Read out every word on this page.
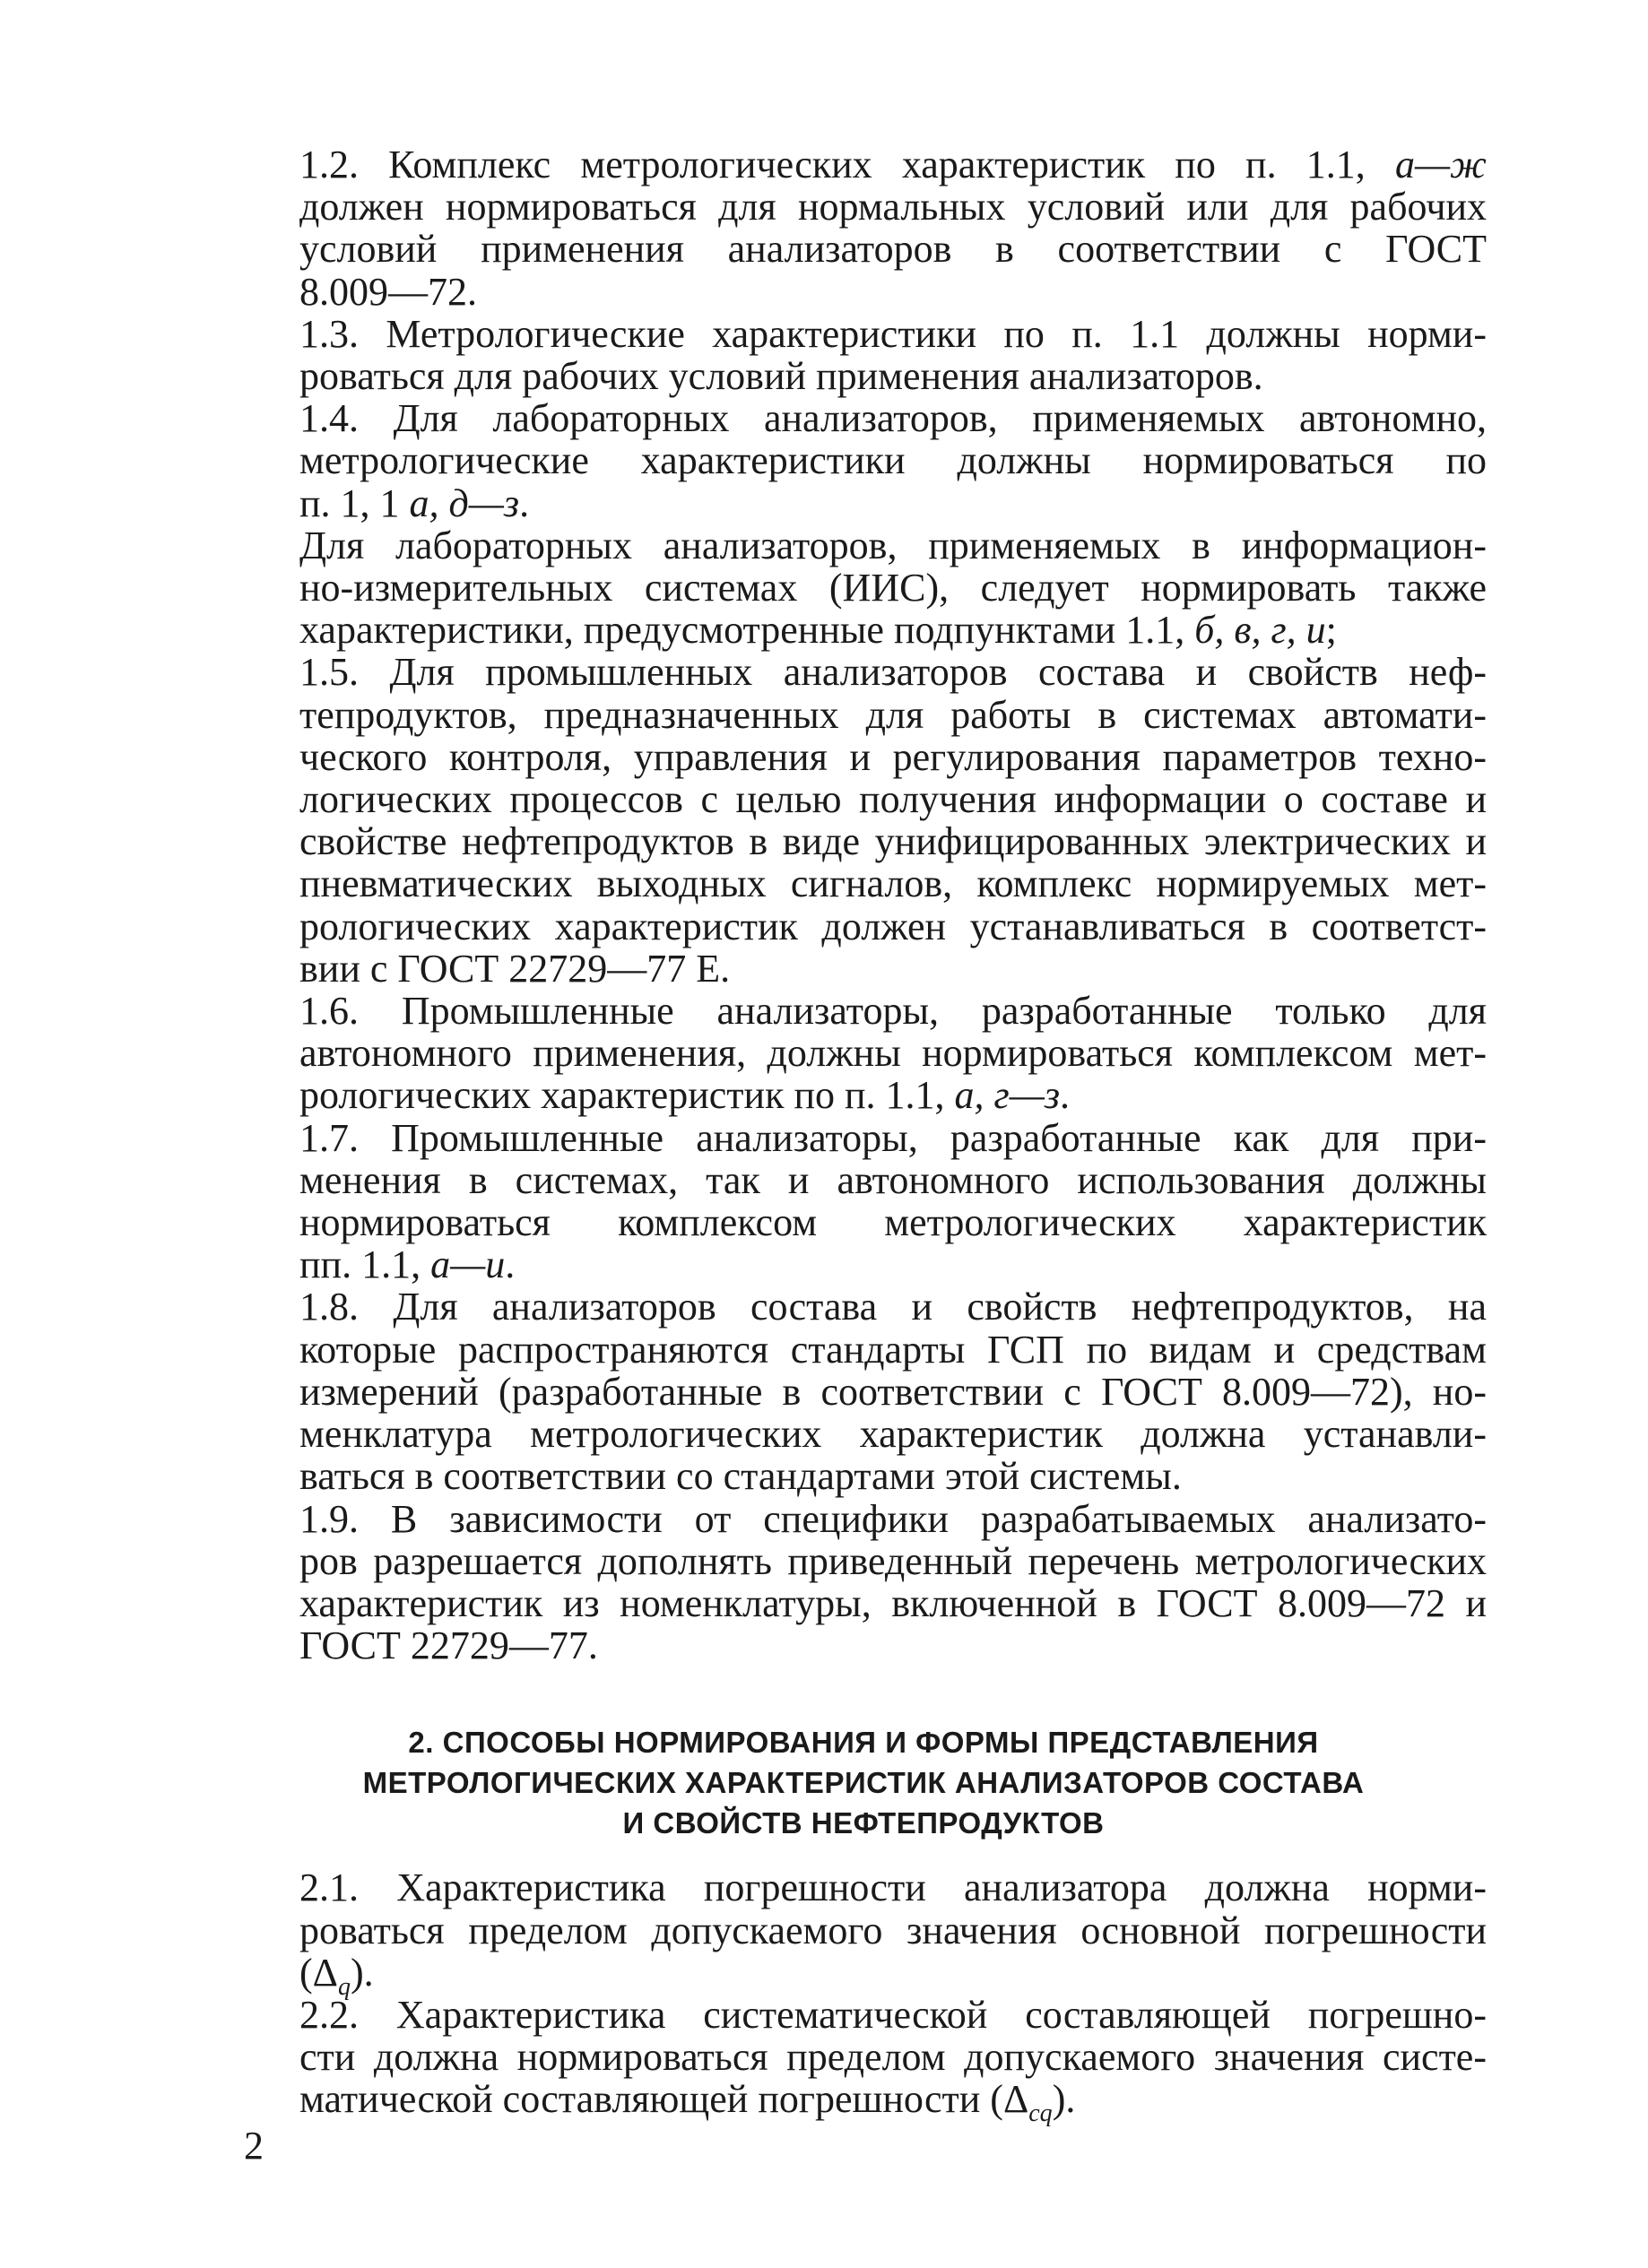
1.2. Комплекс метрологических характеристик по п. 1.1, а—ж
должен нормироваться для нормальных условий или для рабочих
условий применения анализаторов в соответствии с ГОСТ
8.009—72.

1.3. Метрологические характеристики по п. 1.1 должны норми-
роваться для рабочих условий применения анализаторов.

1.4. Для лабораторных анализаторов, применяемых автономно,
метрологические характеристики должны нормироваться по
п. 1, 1 а, д—з.

Для лабораторных анализаторов, применяемых в информацион-
но-измерительных системах (ИИС), следует нормировать также
характеристики, предусмотренные подпунктами 1.1, б, в, г, и;

1.5. Для промышленных анализаторов состава и свойств неф-
тепродуктов, предназначенных для работы в системах автомати-
ческого контроля, управления и регулирования параметров техно-
логических процессов с целью получения информации о составе и
свойстве нефтепродуктов в виде унифицированных электрических и
пневматических выходных сигналов, комплекс нормируемых мет-
рологических характеристик должен устанавливаться в соответст-
вии с ГОСТ 22729—77 Е.

1.6. Промышленные анализаторы, разработанные только для
автономного применения, должны нормироваться комплексом мет-
рологических характеристик по п. 1.1, а, г—з.

1.7. Промышленные анализаторы, разработанные как для при-
менения в системах, так и автономного использования должны
нормироваться комплексом метрологических характеристик
пп. 1.1, а—и.

1.8. Для анализаторов состава и свойств нефтепродуктов, на
которые распространяются стандарты ГСП по видам и средствам
измерений (разработанные в соответствии с ГОСТ 8.009—72), но-
менклатура метрологических характеристик должна устанавли-
ваться в соответствии со стандартами этой системы.

1.9. В зависимости от специфики разрабатываемых анализато-
ров разрешается дополнять приведенный перечень метрологических
характеристик из номенклатуры, включенной в ГОСТ 8.009—72 и
ГОСТ 22729—77.

2. СПОСОБЫ НОРМИРОВАНИЯ И ФОРМЫ ПРЕДСТАВЛЕНИЯ
МЕТРОЛОГИЧЕСКИХ ХАРАКТЕРИСТИК АНАЛИЗАТОРОВ СОСТАВА
И СВОЙСТВ НЕФТЕПРОДУКТОВ

2.1. Характеристика погрешности анализатора должна норми-
роваться пределом допускаемого значения основной погрешности
$(\Delta_q)$.

2.2. Характеристика систематической составляющей погрешно-
сти должна нормироваться пределом допускаемого значения систе-
матической составляющей погрешности $(\Delta_{cq})$.

2
